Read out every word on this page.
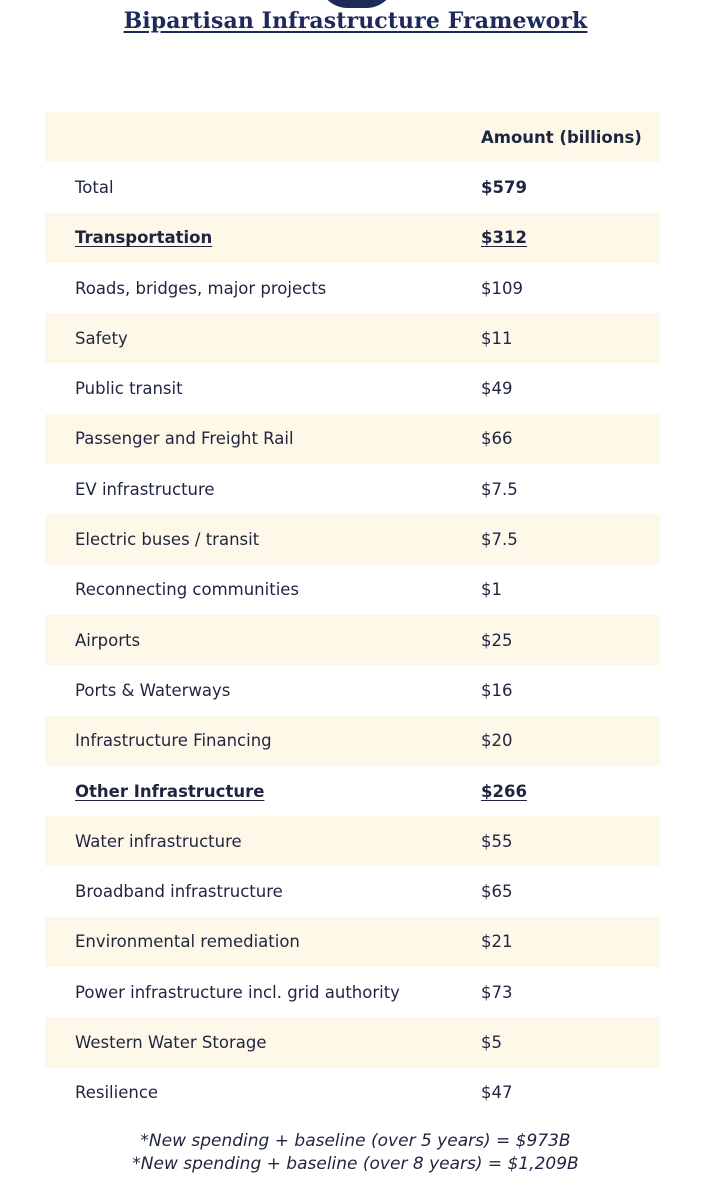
Bipartisan Infrastructure Framework
Amount (billions)
Total	$579
Transportation	$312
Roads, bridges, major projects	$109
Safety	$11
Public transit	$49
Passenger and Freight Rail	$66
EV infrastructure	$7.5
Electric buses / transit	$7.5
Reconnecting communities	$1
Airports	$25
Ports & Waterways	$16
Infrastructure Financing	$20
Other Infrastructure	$266
Water infrastructure	$55
Broadband infrastructure	$65
Environmental remediation	$21
Power infrastructure incl. grid authority	$73
Western Water Storage	$5
Resilience	$47
*New spending + baseline (over 5 years) = $973B
*New spending + baseline (over 8 years) = $1,209B
